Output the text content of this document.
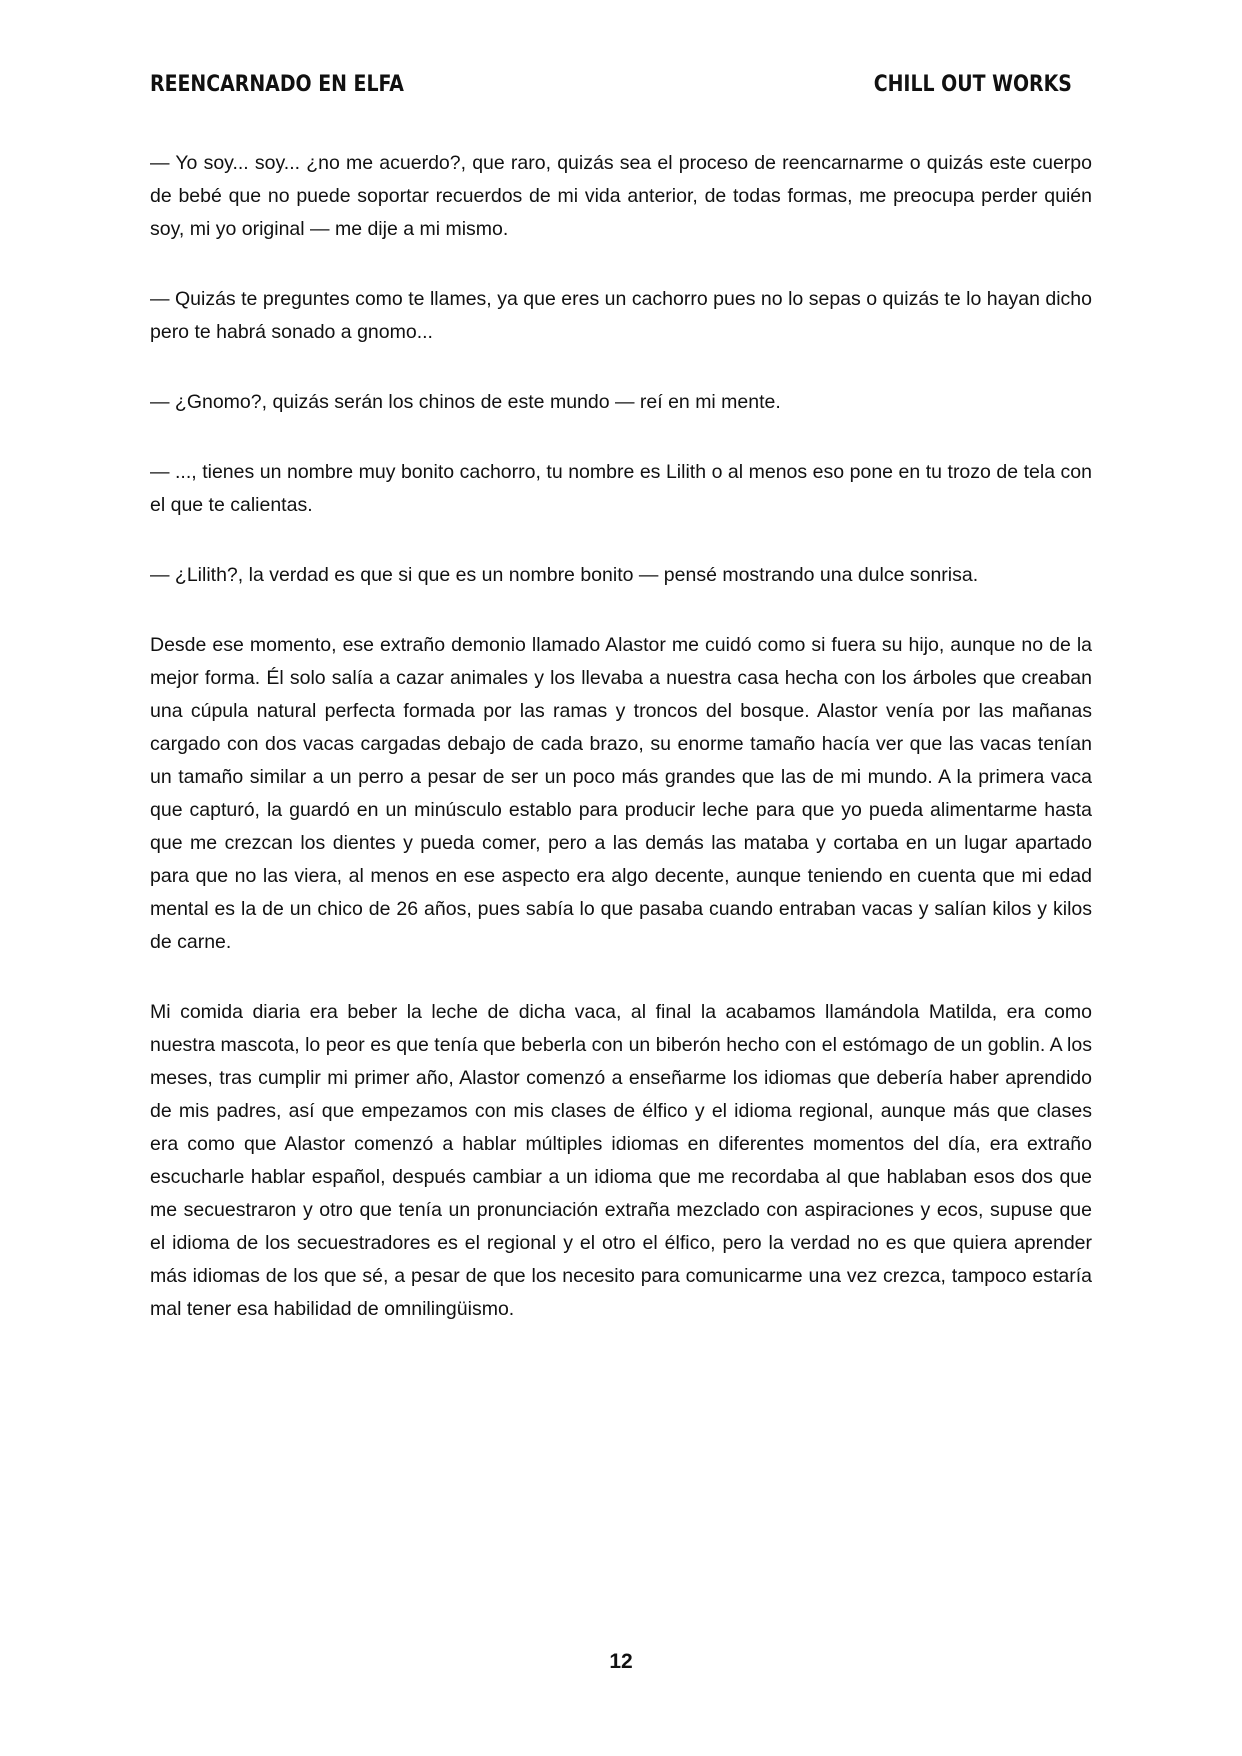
REENCARNADO EN ELFA	CHILL OUT WORKS

— Yo soy... soy... ¿no me acuerdo?, que raro, quizás sea el proceso de reencarnarme o quizás este cuerpo de bebé que no puede soportar recuerdos de mi vida anterior, de todas formas, me preocupa perder quién soy, mi yo original — me dije a mi mismo.

— Quizás te preguntes como te llames, ya que eres un cachorro pues no lo sepas o quizás te lo hayan dicho pero te habrá sonado a gnomo...

— ¿Gnomo?, quizás serán los chinos de este mundo — reí en mi mente.

— ..., tienes un nombre muy bonito cachorro, tu nombre es Lilith o al menos eso pone en tu trozo de tela con el que te calientas.

— ¿Lilith?, la verdad es que si que es un nombre bonito — pensé mostrando una dulce sonrisa.

Desde ese momento, ese extraño demonio llamado Alastor me cuidó como si fuera su hijo, aunque no de la mejor forma. Él solo salía a cazar animales y los llevaba a nuestra casa hecha con los árboles que creaban una cúpula natural perfecta formada por las ramas y troncos del bosque. Alastor venía por las mañanas cargado con dos vacas cargadas debajo de cada brazo, su enorme tamaño hacía ver que las vacas tenían un tamaño similar a un perro a pesar de ser un poco más grandes que las de mi mundo. A la primera vaca que capturó, la guardó en un minúsculo establo para producir leche para que yo pueda alimentarme hasta que me crezcan los dientes y pueda comer, pero a las demás las mataba y cortaba en un lugar apartado para que no las viera, al menos en ese aspecto era algo decente, aunque teniendo en cuenta que mi edad mental es la de un chico de 26 años, pues sabía lo que pasaba cuando entraban vacas y salían kilos y kilos de carne.

Mi comida diaria era beber la leche de dicha vaca, al final la acabamos llamándola Matilda, era como nuestra mascota, lo peor es que tenía que beberla con un biberón hecho con el estómago de un goblin. A los meses, tras cumplir mi primer año, Alastor comenzó a enseñarme los idiomas que debería haber aprendido de mis padres, así que empezamos con mis clases de élfico y el idioma regional, aunque más que clases era como que Alastor comenzó a hablar múltiples idiomas en diferentes momentos del día, era extraño escucharle hablar español, después cambiar a un idioma que me recordaba al que hablaban esos dos que me secuestraron y otro que tenía un pronunciación extraña mezclado con aspiraciones y ecos, supuse que el idioma de los secuestradores es el regional y el otro el élfico, pero la verdad no es que quiera aprender más idiomas de los que sé, a pesar de que los necesito para comunicarme una vez crezca, tampoco estaría mal tener esa habilidad de omnilingüismo.

12
